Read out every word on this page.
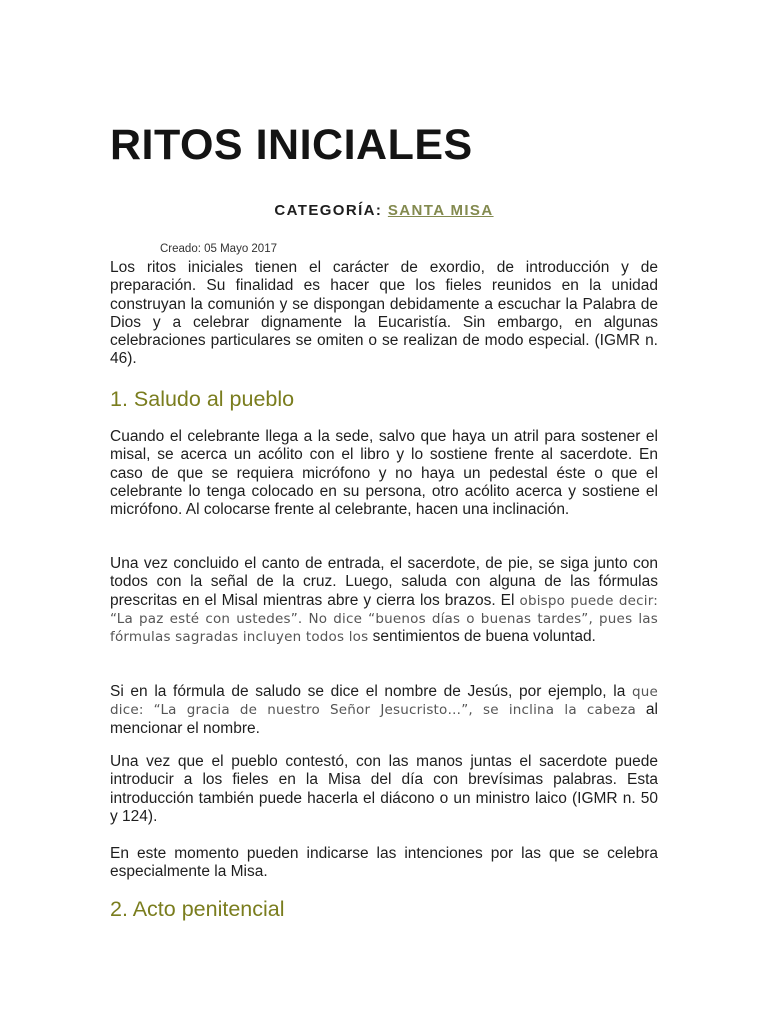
RITOS INICIALES
CATEGORÍA: SANTA MISA
Creado: 05 Mayo 2017

Los ritos iniciales tienen el carácter de exordio, de introducción y de preparación. Su finalidad es hacer que los fieles reunidos en la unidad construyan la comunión y se dispongan debidamente a escuchar la Palabra de Dios y a celebrar dignamente la Eucaristía. Sin embargo, en algunas celebraciones particulares se omiten o se realizan de modo especial. (IGMR n. 46).

1. Saludo al pueblo

Cuando el celebrante llega a la sede, salvo que haya un atril para sostener el misal, se acerca un acólito con el libro y lo sostiene frente al sacerdote. En caso de que se requiera micrófono y no haya un pedestal éste o que el celebrante lo tenga colocado en su persona, otro acólito acerca y sostiene el micrófono. Al colocarse frente al celebrante, hacen una inclinación.

Una vez concluido el canto de entrada, el sacerdote, de pie, se siga junto con todos con la señal de la cruz. Luego, saluda con alguna de las fórmulas prescritas en el Misal mientras abre y cierra los brazos. El obispo puede decir: “La paz esté con ustedes”. No dice “buenos días o buenas tardes”, pues las fórmulas sagradas incluyen todos los sentimientos de buena voluntad.

Si en la fórmula de saludo se dice el nombre de Jesús, por ejemplo, la que dice: “La gracia de nuestro Señor Jesucristo…”, se inclina la cabeza al mencionar el nombre.

Una vez que el pueblo contestó, con las manos juntas el sacerdote puede introducir a los fieles en la Misa del día con brevísimas palabras. Esta introducción también puede hacerla el diácono o un ministro laico (IGMR n. 50 y 124).

En este momento pueden indicarse las intenciones por las que se celebra especialmente la Misa.

2. Acto penitencial
